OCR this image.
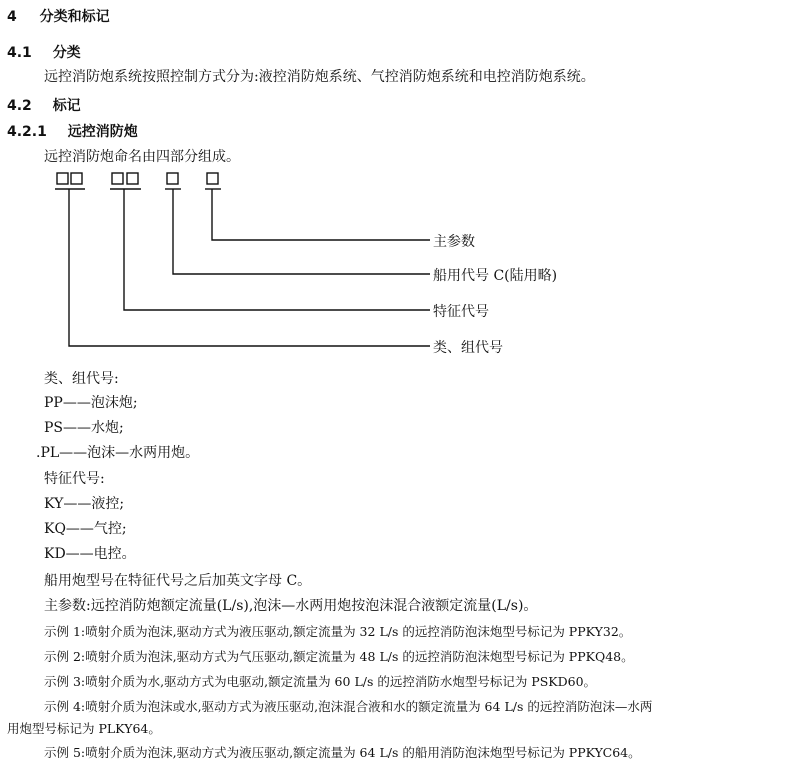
4 分类和标记
4.1 分类
远控消防炮系统按照控制方式分为:液控消防炮系统、气控消防炮系统和电控消防炮系统。
4.2 标记
4.2.1 远控消防炮
远控消防炮命名由四部分组成。
主参数
船用代号 C(陆用略)
特征代号
类、组代号
类、组代号:
PP——泡沫炮;
PS——水炮;
.PL——泡沫—水两用炮。
特征代号:
KY——液控;
KQ——气控;
KD——电控。
船用炮型号在特征代号之后加英文字母 C。
主参数:远控消防炮额定流量(L/s),泡沫—水两用炮按泡沫混合液额定流量(L/s)。
示例 1:喷射介质为泡沫,驱动方式为液压驱动,额定流量为 32 L/s 的远控消防泡沫炮型号标记为 PPKY32。
示例 2:喷射介质为泡沫,驱动方式为气压驱动,额定流量为 48 L/s 的远控消防泡沫炮型号标记为 PPKQ48。
示例 3:喷射介质为水,驱动方式为电驱动,额定流量为 60 L/s 的远控消防水炮型号标记为 PSKD60。
示例 4:喷射介质为泡沫或水,驱动方式为液压驱动,泡沫混合液和水的额定流量为 64 L/s 的远控消防泡沫—水两
用炮型号标记为 PLKY64。
示例 5:喷射介质为泡沫,驱动方式为液压驱动,额定流量为 64 L/s 的船用消防泡沫炮型号标记为 PPKYC64。
